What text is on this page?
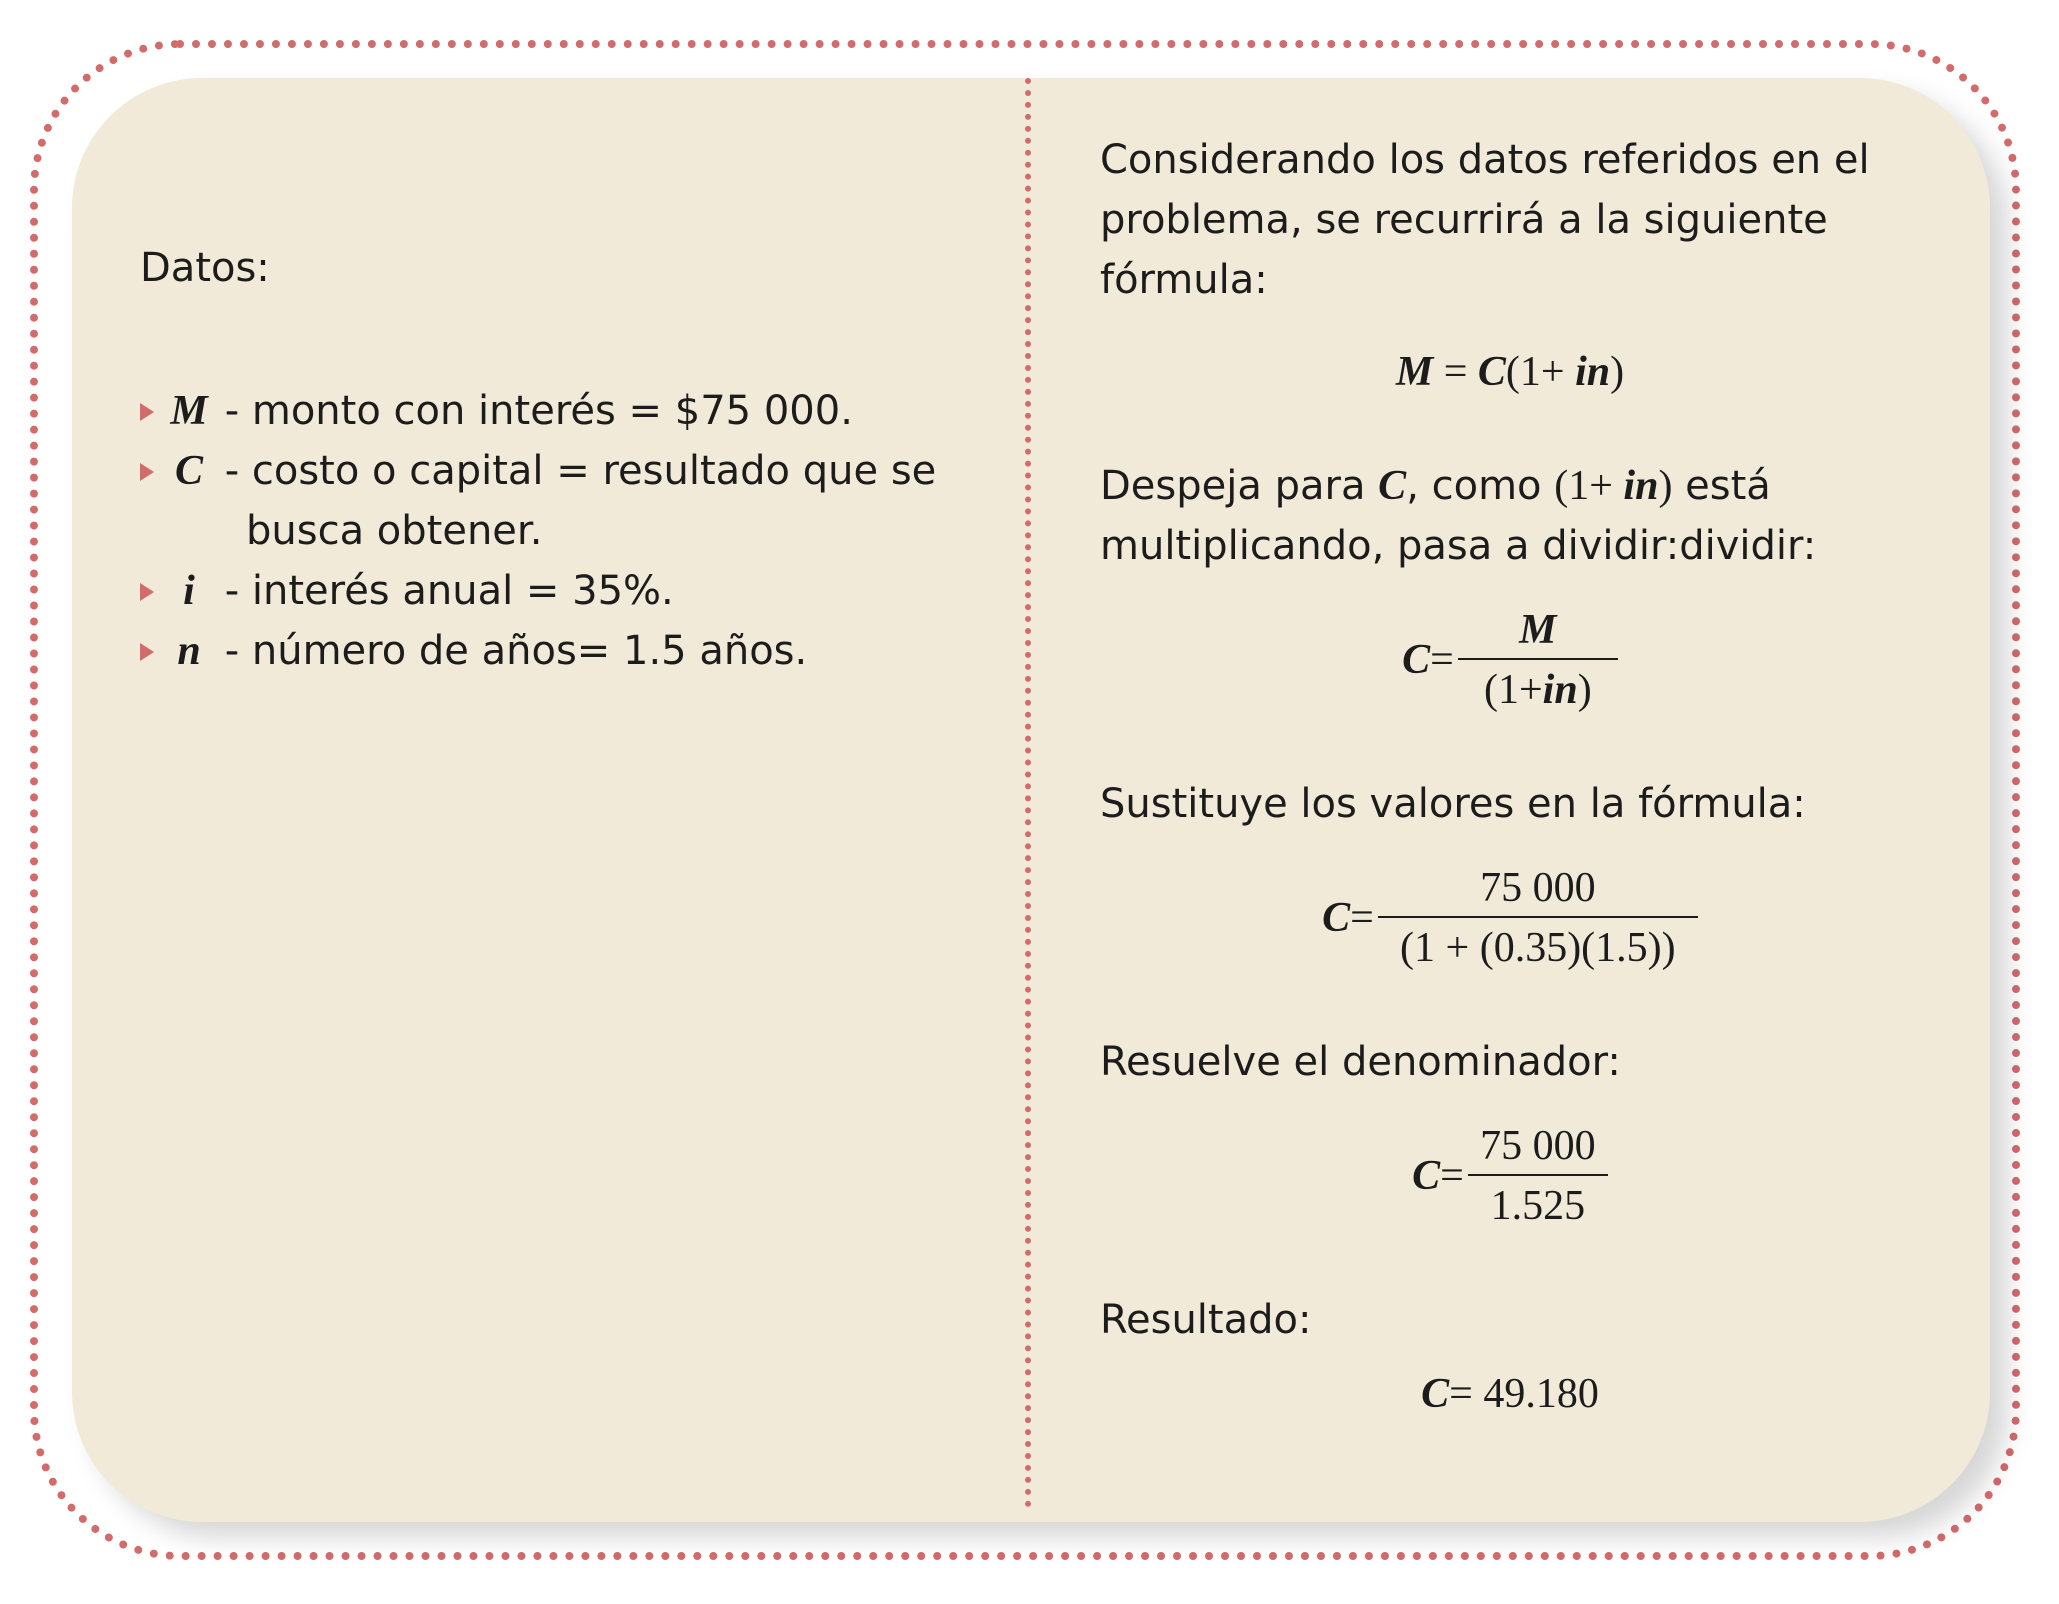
Datos:

M - monto con interés = $75 000.
C - costo o capital = resultado que se
busca obtener.
i - interés anual = 35%.
n - número de años= 1.5 años.

Considerando los datos referidos en el problema, se recurrirá a la siguiente fórmula:

M = C(1+ in)

Despeja para C, como (1+ in) está
multiplicando, pasa a dividir:dividir:

$C= \frac{M}{(1+in)}$

Sustituye los valores en la fórmula:

$C= \frac{75 000}{(1 + (0.35)(1.5))}$

Resuelve el denominador:

$C= \frac{75 000}{1.525}$

Resultado:

C= 49.180
